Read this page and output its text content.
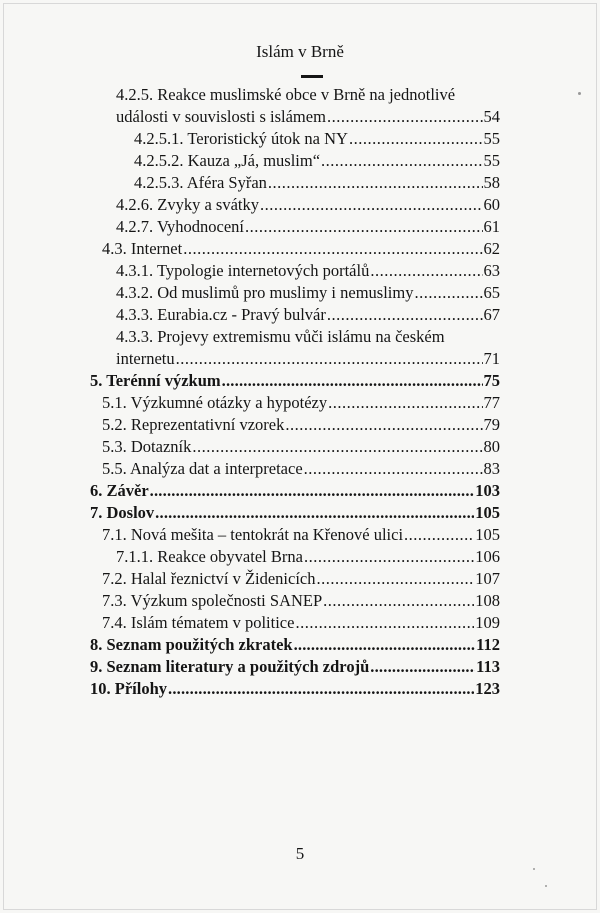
Islám v Brně
4.2.5. Reakce muslimské obce v Brně na jednotlivé
události v souvislosti s islámem .....	54
4.2.5.1. Teroristický útok na NY .....	55
4.2.5.2. Kauza „Já, muslim“ .....	55
4.2.5.3. Aféra Syřan .....	58
4.2.6. Zvyky a svátky .....	60
4.2.7. Vyhodnocení .....	61
4.3. Internet .....	62
4.3.1. Typologie internetových portálů .....	63
4.3.2. Od muslimů pro muslimy i nemuslimy .....	65
4.3.3. Eurabia.cz - Pravý bulvár .....	67
4.3.3. Projevy extremismu vůči islámu na českém
internetu .....	71
5. Terénní výzkum .....	75
5.1. Výzkumné otázky a hypotézy .....	77
5.2. Reprezentativní vzorek .....	79
5.3. Dotazník .....	80
5.5. Analýza dat a interpretace .....	83
6. Závěr .....	103
7. Doslov .....	105
7.1. Nová mešita – tentokrát na Křenové ulici .....	105
7.1.1. Reakce obyvatel Brna .....	106
7.2. Halal řeznictví v Židenicích .....	107
7.3. Výzkum společnosti SANEP .....	108
7.4. Islám tématem v politice .....	109
8. Seznam použitých zkratek .....	112
9. Seznam literatury a použitých zdrojů .....	113
10. Přílohy .....	123
5
